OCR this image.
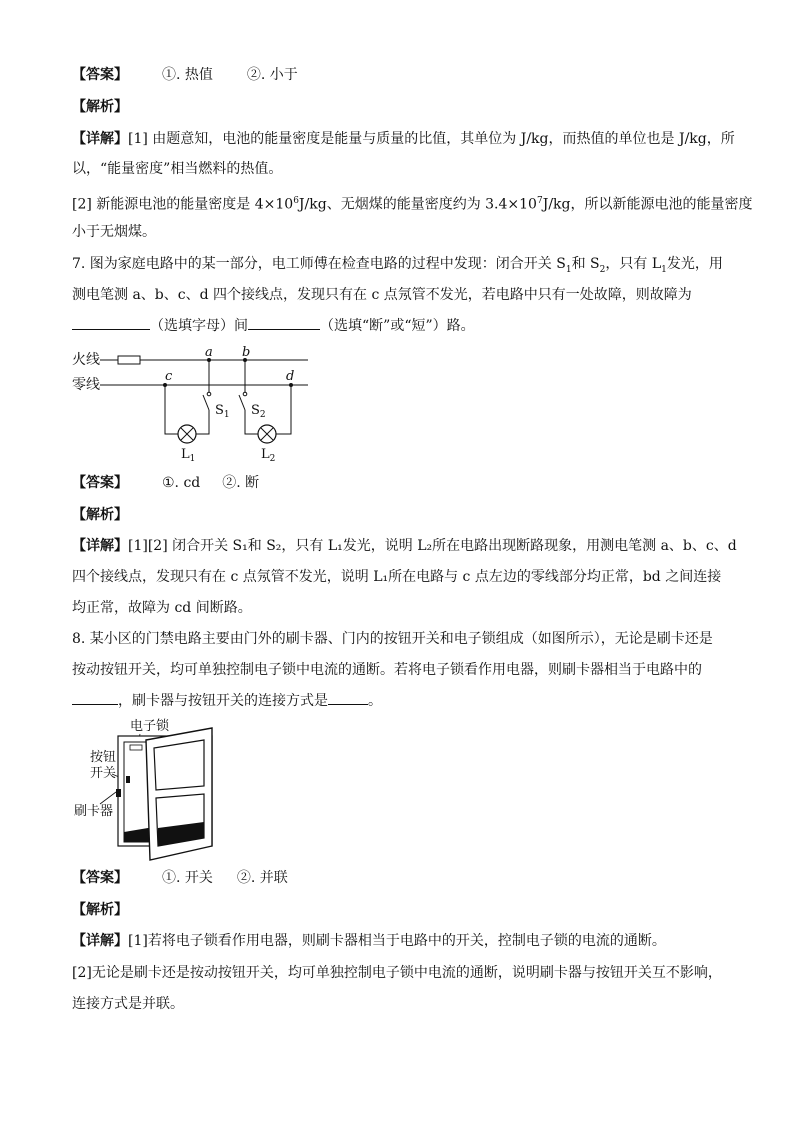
【答案】 ①. 热值 ②. 小于
【解析】
【详解】[1] 由题意知，电池的能量密度是能量与质量的比值，其单位为 J/kg，而热值的单位也是 J/kg，所
以，“能量密度”相当燃料的热值。
[2] 新能源电池的能量密度是 $4\times 10^6J/kg$、无烟煤的能量密度约为 $3.4\times 10^7J/kg$，所以新能源电池的能量密度
小于无烟煤。
7. 图为家庭电路中的某一部分，电工师傅在检查电路的过程中发现：闭合开关 $S_1$和 $S_2$，只有 $L_1$发光，用
测电笔测 a、b、c、d 四个接线点，发现只有在 c 点氖管不发光，若电路中只有一处故障，则故障为
（选填字母）间	（选填“断”或“短”）路。
火线
零线
a b
c	d
$S_1$
$L_1$
$S_2$
$L_2$
【答案】 ①. cd ②. 断
【解析】
【详解】[1][2] 闭合开关 S₁和 S₂，只有 L₁发光，说明 L₂所在电路出现断路现象，用测电笔测 a、b、c、d
四个接线点，发现只有在 c 点氖管不发光，说明 L₁所在电路与 c 点左边的零线部分均正常，bd 之间连接
均正常，故障为 cd 间断路。
8. 某小区的门禁电路主要由门外的刷卡器、门内的按钮开关和电子锁组成（如图所示），无论是刷卡还是
按动按钮开关，均可单独控制电子锁中电流的通断。若将电子锁看作用电器，则刷卡器相当于电路中的
，刷卡器与按钮开关的连接方式是	。
电子锁
按钮
开关
刷卡器
【答案】 ①. 开关 ②. 并联
【解析】
【详解】[1]若将电子锁看作用电器，则刷卡器相当于电路中的开关，控制电子锁的电流的通断。
[2]无论是刷卡还是按动按钮开关，均可单独控制电子锁中电流的通断，说明刷卡器与按钮开关互不影响，
连接方式是并联。
